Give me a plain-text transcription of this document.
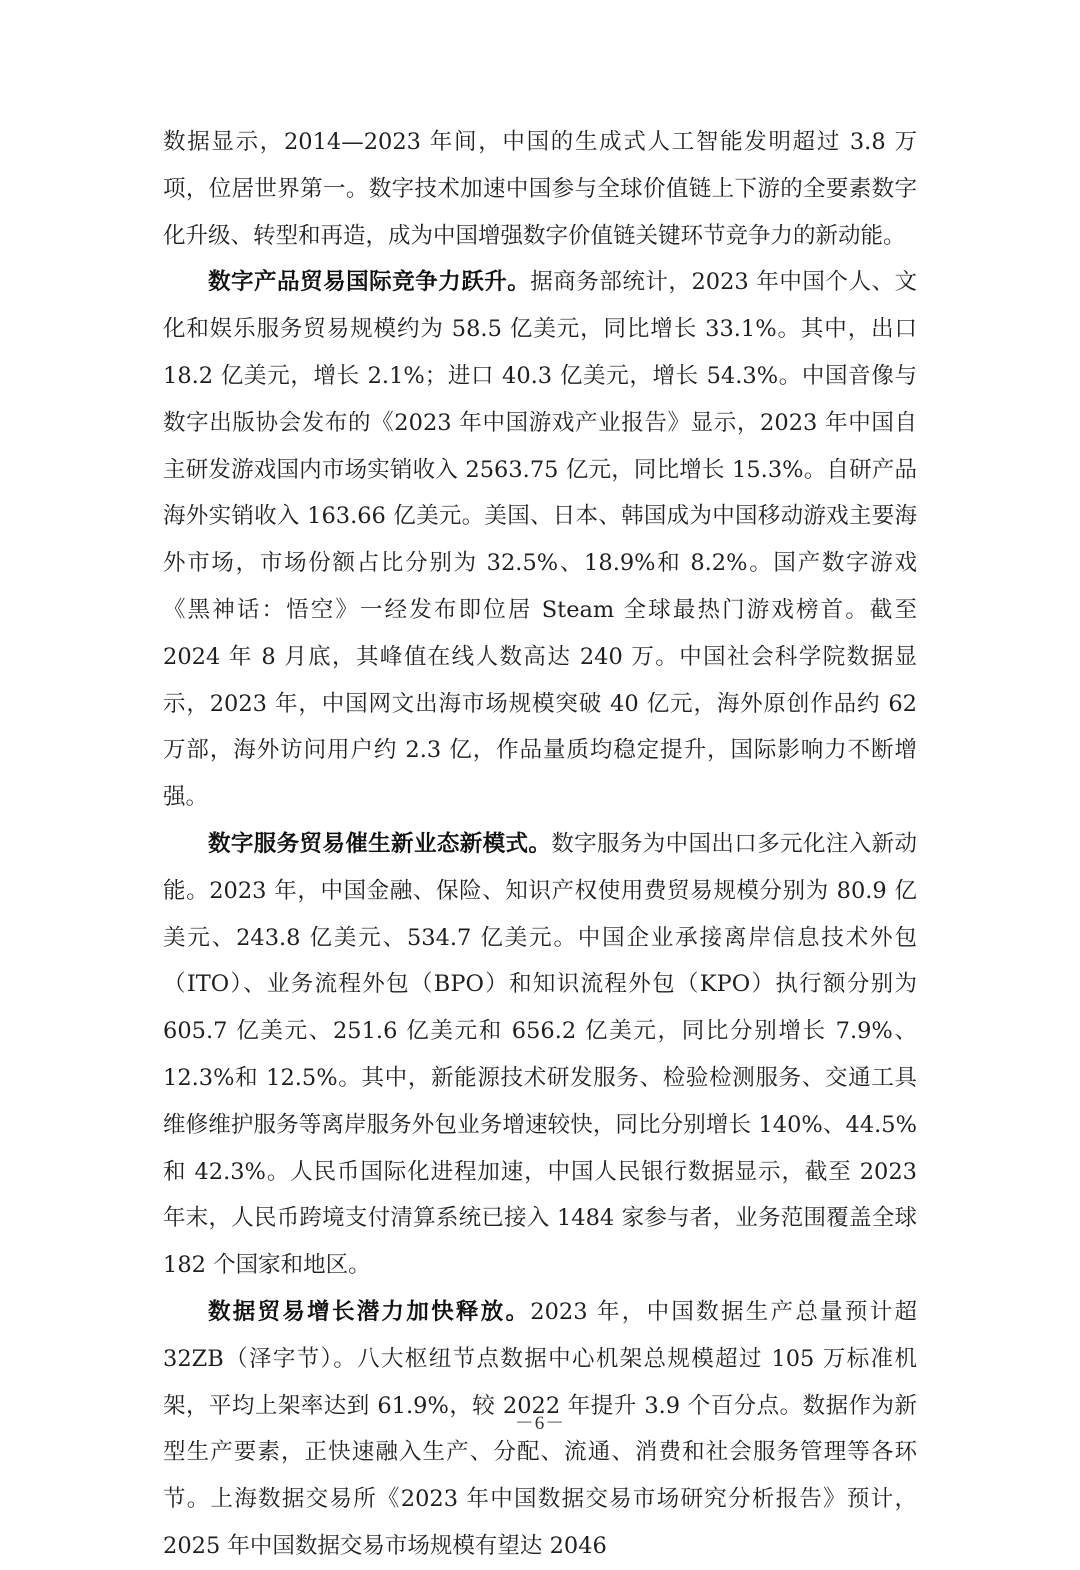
数据显示，2014—2023 年间，中国的生成式人工智能发明超过 3.8 万项，位居世界第一。数字技术加速中国参与全球价值链上下游的全要素数字化升级、转型和再造，成为中国增强数字价值链关键环节竞争力的新动能。

数字产品贸易国际竞争力跃升。据商务部统计，2023 年中国个人、文化和娱乐服务贸易规模约为 58.5 亿美元，同比增长 33.1%。其中，出口 18.2 亿美元，增长 2.1%；进口 40.3 亿美元，增长 54.3%。中国音像与数字出版协会发布的《2023 年中国游戏产业报告》显示，2023 年中国自主研发游戏国内市场实销收入 2563.75 亿元，同比增长 15.3%。自研产品海外实销收入 163.66 亿美元。美国、日本、韩国成为中国移动游戏主要海外市场，市场份额占比分别为 32.5%、18.9%和 8.2%。国产数字游戏《黑神话：悟空》一经发布即位居 Steam 全球最热门游戏榜首。截至 2024 年 8 月底，其峰值在线人数高达 240 万。中国社会科学院数据显示，2023 年，中国网文出海市场规模突破 40 亿元，海外原创作品约 62 万部，海外访问用户约 2.3 亿，作品量质均稳定提升，国际影响力不断增强。

数字服务贸易催生新业态新模式。数字服务为中国出口多元化注入新动能。2023 年，中国金融、保险、知识产权使用费贸易规模分别为 80.9 亿美元、243.8 亿美元、534.7 亿美元。中国企业承接离岸信息技术外包（ITO）、业务流程外包（BPO）和知识流程外包（KPO）执行额分别为 605.7 亿美元、251.6 亿美元和 656.2 亿美元，同比分别增长 7.9%、12.3%和 12.5%。其中，新能源技术研发服务、检验检测服务、交通工具维修维护服务等离岸服务外包业务增速较快，同比分别增长 140%、44.5%和 42.3%。人民币国际化进程加速，中国人民银行数据显示，截至 2023 年末，人民币跨境支付清算系统已接入 1484 家参与者，业务范围覆盖全球 182 个国家和地区。

数据贸易增长潜力加快释放。2023 年，中国数据生产总量预计超 32ZB（泽字节）。八大枢纽节点数据中心机架总规模超过 105 万标准机架，平均上架率达到 61.9%，较 2022 年提升 3.9 个百分点。数据作为新型生产要素，正快速融入生产、分配、流通、消费和社会服务管理等各环节。上海数据交易所《2023 年中国数据交易市场研究分析报告》预计，2025 年中国数据交易市场规模有望达 2046

－6－
